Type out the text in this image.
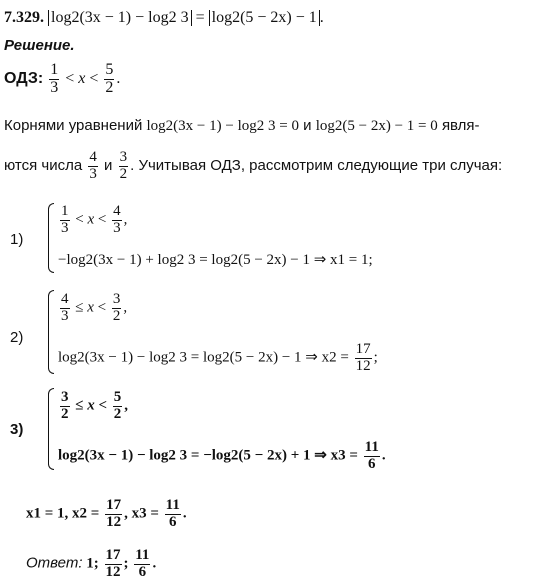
7.329. log2(3x − 1) − log2 3 = log2(5 − 2x) − 1 .
Решение.
ОДЗ: $\frac{1}{3} < x < \frac{5}{2}$ .
Корнями уравнений log2(3x − 1) − log2 3 = 0 и log2(5 − 2x) − 1 = 0 явля-
ются числа $\frac{4}{3}$ и $\frac{3}{2}$ . Учитывая ОДЗ, рассмотрим следующие три случая:
1)
$\frac{1}{3} < x < \frac{4}{3}$ ,
−log2(3x − 1) + log2 3 = log2(5 − 2x) − 1 ⇒ x1 = 1;
2)
$\frac{4}{3} \le x < \frac{3}{2}$ ,
log2(3x − 1) − log2 3 = log2(5 − 2x) − 1 ⇒ $x2 = \frac{17}{12}$ ;
3)
$\frac{3}{2} \le x < \frac{5}{2}$ ,
log2(3x − 1) − log2 3 = −log2(5 − 2x) + 1 ⇒ $x3 = \frac{11}{6}$ .
x1 = 1, $x2 = \frac{17}{12}$ , $x3 = \frac{11}{6}$ .
Ответ: 1; $\frac{17}{12}$ ; $\frac{11}{6}$ .
